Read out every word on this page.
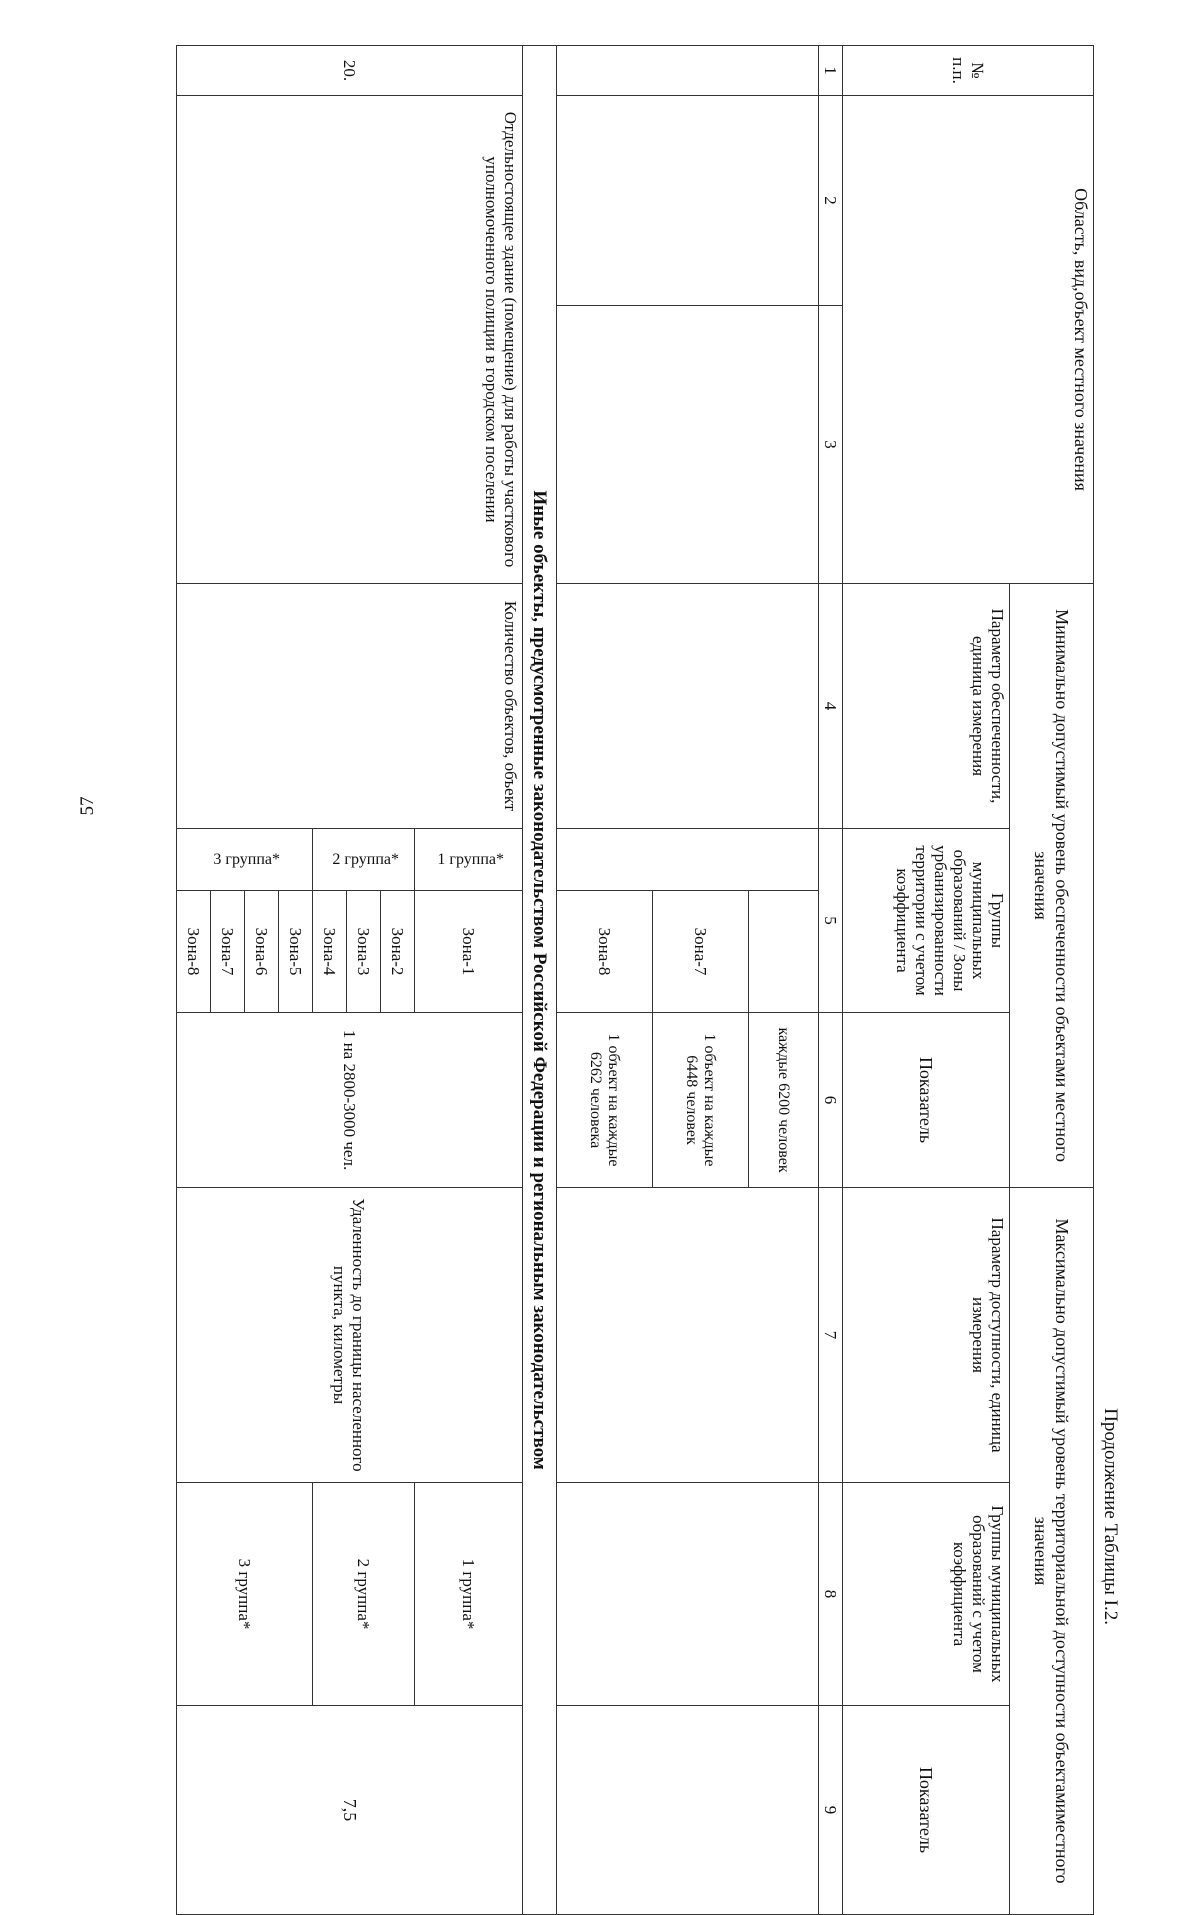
57
Продолжение Таблицы I.2.
№ п.п.	Область, вид,объект местного значения		Минимально допустимый уровень обеспеченности объектами местного значения				Максимально допустимый уровень территориальной доступности объектамиместного значения		
			Параметр обеспеченности, единица измерения	Группы муниципальных образований / Зоны урбанизированности территории с учетом коэффициента		Показатель	Параметр доступности, единица измерения	Группы муниципальных образований с учетом коэффициента	Показатель
1	2	3	4	5		6	7	8	9
						каждые 6200 человек			
					Зона-7	1 объект на каждые 6448 человек			
					Зона-8	1 объект на каждые 6262 человека			
Иные объекты, предусмотренные законодательством Российской Федерации и региональным законодательством									
20.	Отдельностоящее здание (помещение) для работы участкового уполномоченного полиции в городском поселении		Количество объектов, объект	1 группа*	Зона-1	1 на 2800-3000 чел.	Удаленность до границы населенного пункта, километры	1 группа*	7,5
				2 группа*	Зона-2			2 группа*	
					Зона-3				
					Зона-4				
				3 группа*	Зона-5			3 группа*	
					Зона-6				
					Зона-7				
					Зона-8				
